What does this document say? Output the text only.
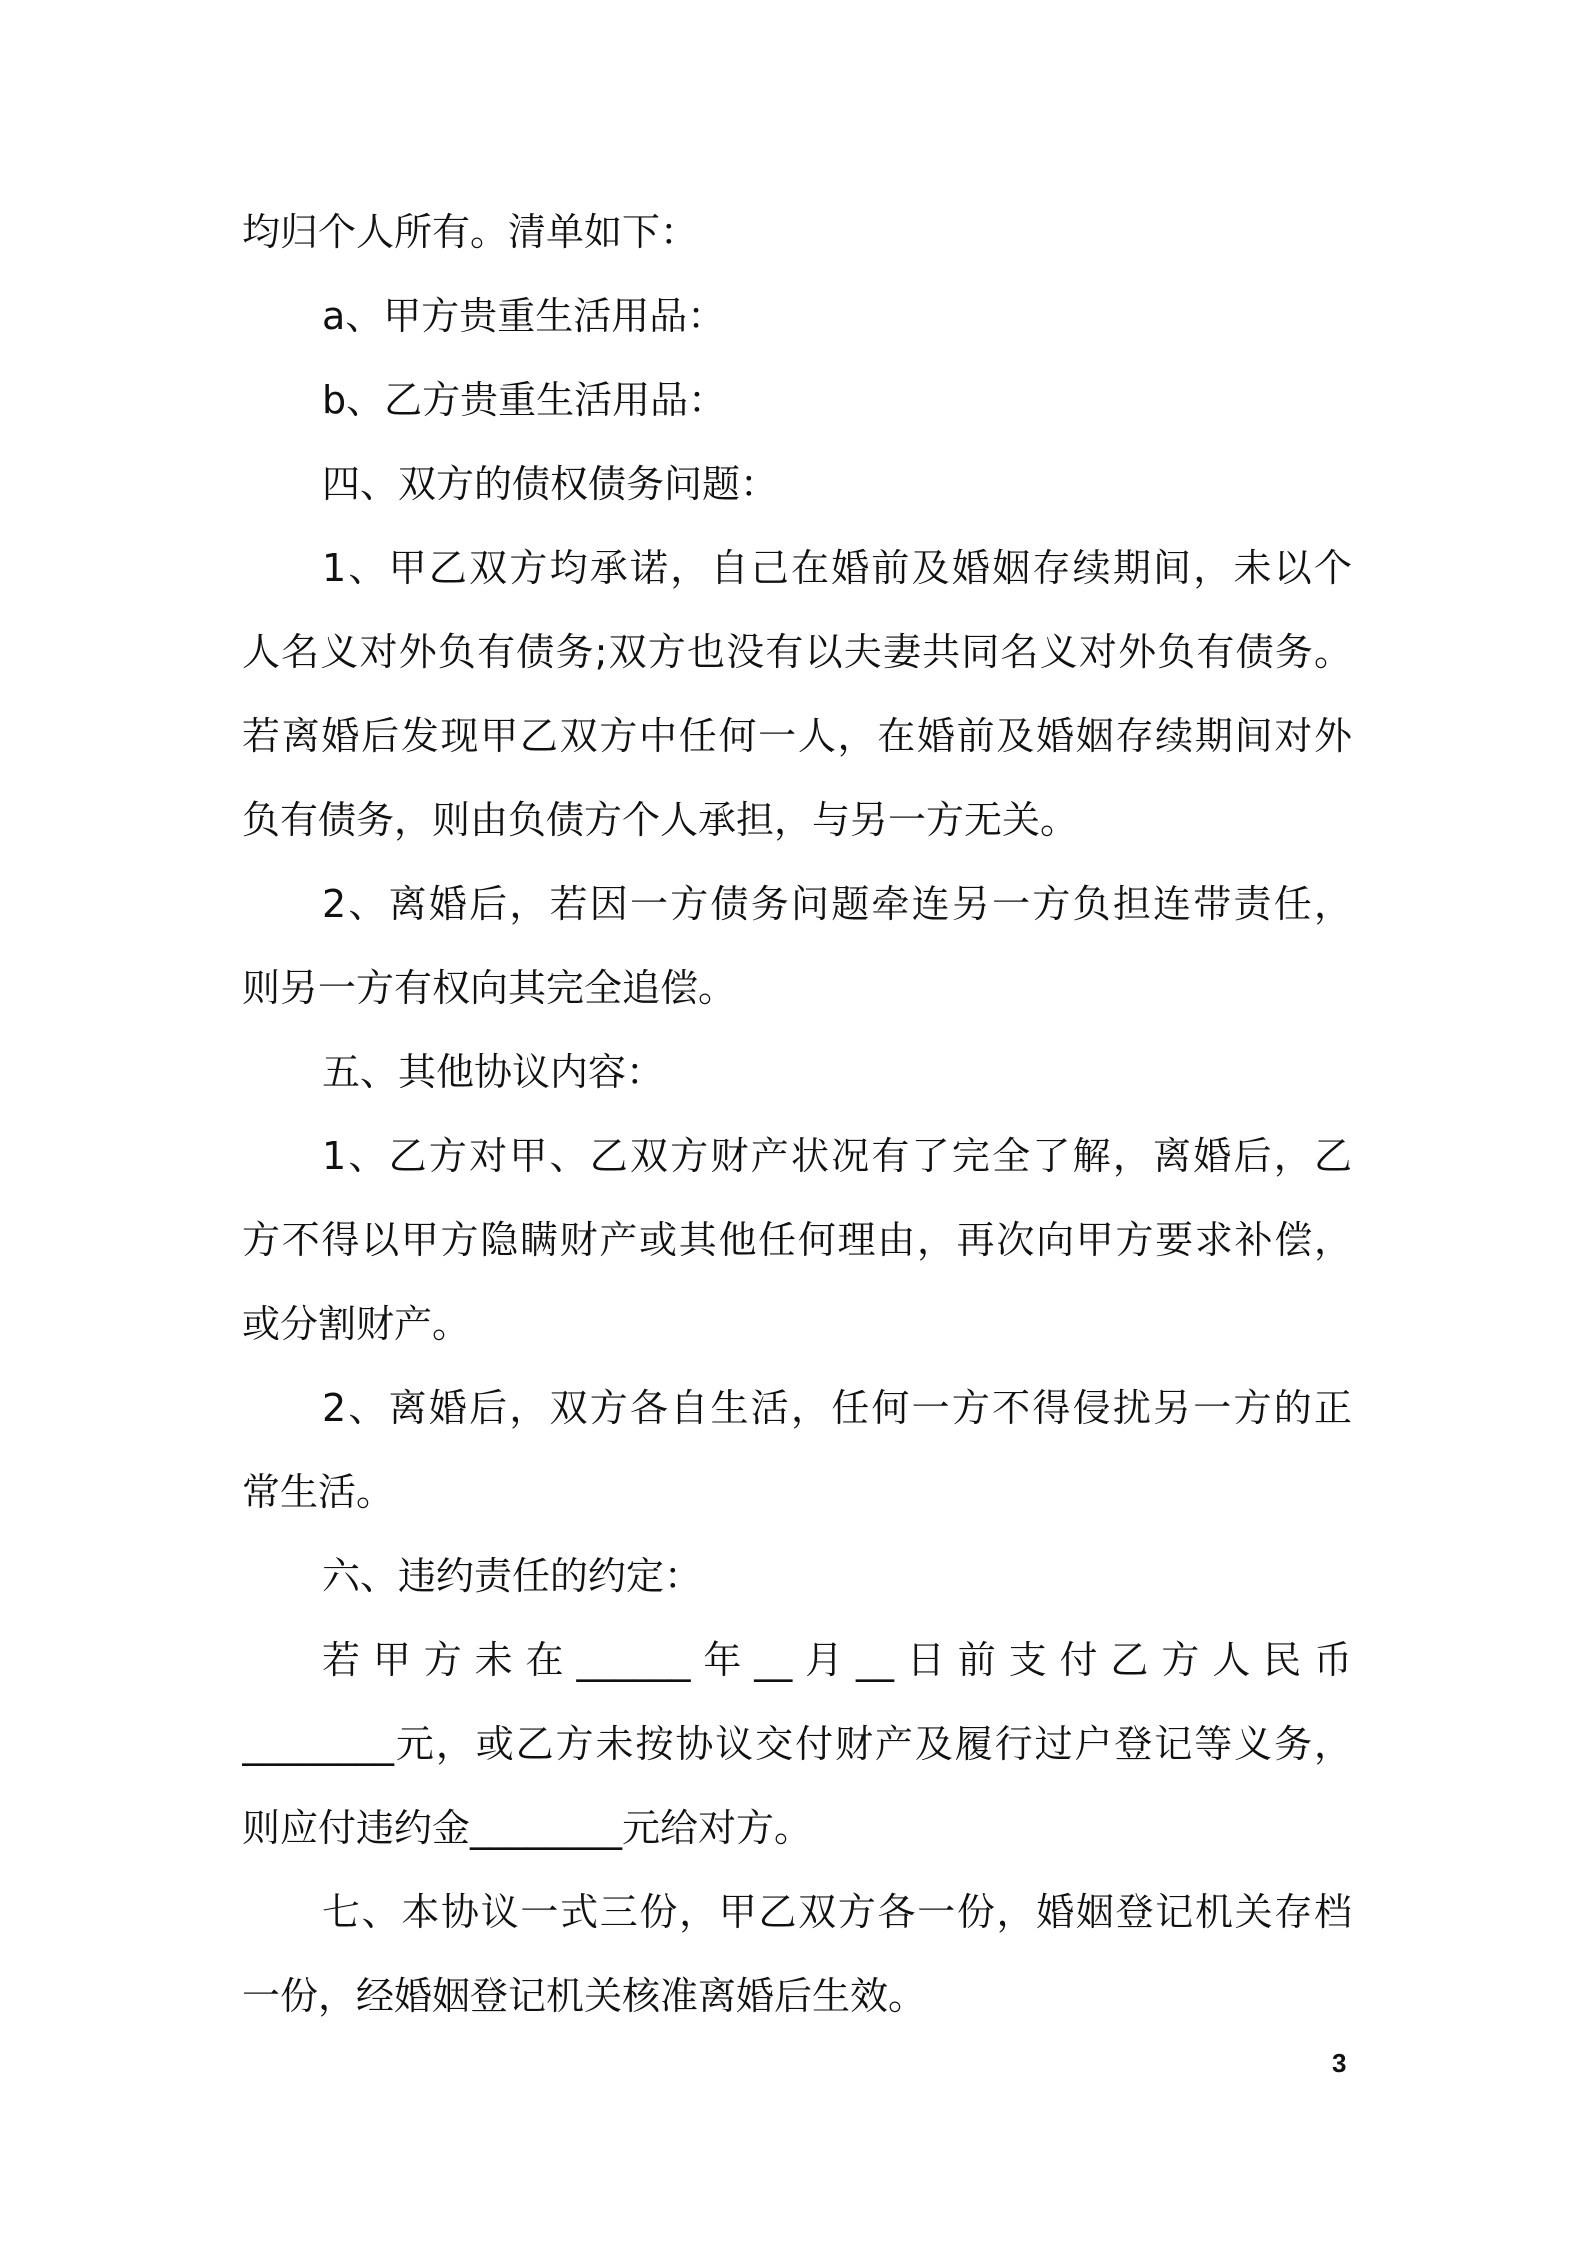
均归个人所有。清单如下：
a、甲方贵重生活用品：
b、乙方贵重生活用品：
四、双方的债权债务问题：
1、甲乙双方均承诺，自己在婚前及婚姻存续期间，未以个
人名义对外负有债务;双方也没有以夫妻共同名义对外负有债务。
若离婚后发现甲乙双方中任何一人，在婚前及婚姻存续期间对外
负有债务，则由负债方个人承担，与另一方无关。
2、离婚后，若因一方债务问题牵连另一方负担连带责任，
则另一方有权向其完全追偿。
五、其他协议内容：
1、乙方对甲、乙双方财产状况有了完全了解，离婚后，乙
方不得以甲方隐瞒财产或其他任何理由，再次向甲方要求补偿，
或分割财产。
2、离婚后，双方各自生活，任何一方不得侵扰另一方的正
常生活。
六、违约责任的约定：
若甲方未在______年__月__日前支付乙方人民币
________元，或乙方未按协议交付财产及履行过户登记等义务，
则应付违约金________元给对方。
七、本协议一式三份，甲乙双方各一份，婚姻登记机关存档
一份，经婚姻登记机关核准离婚后生效。
3
